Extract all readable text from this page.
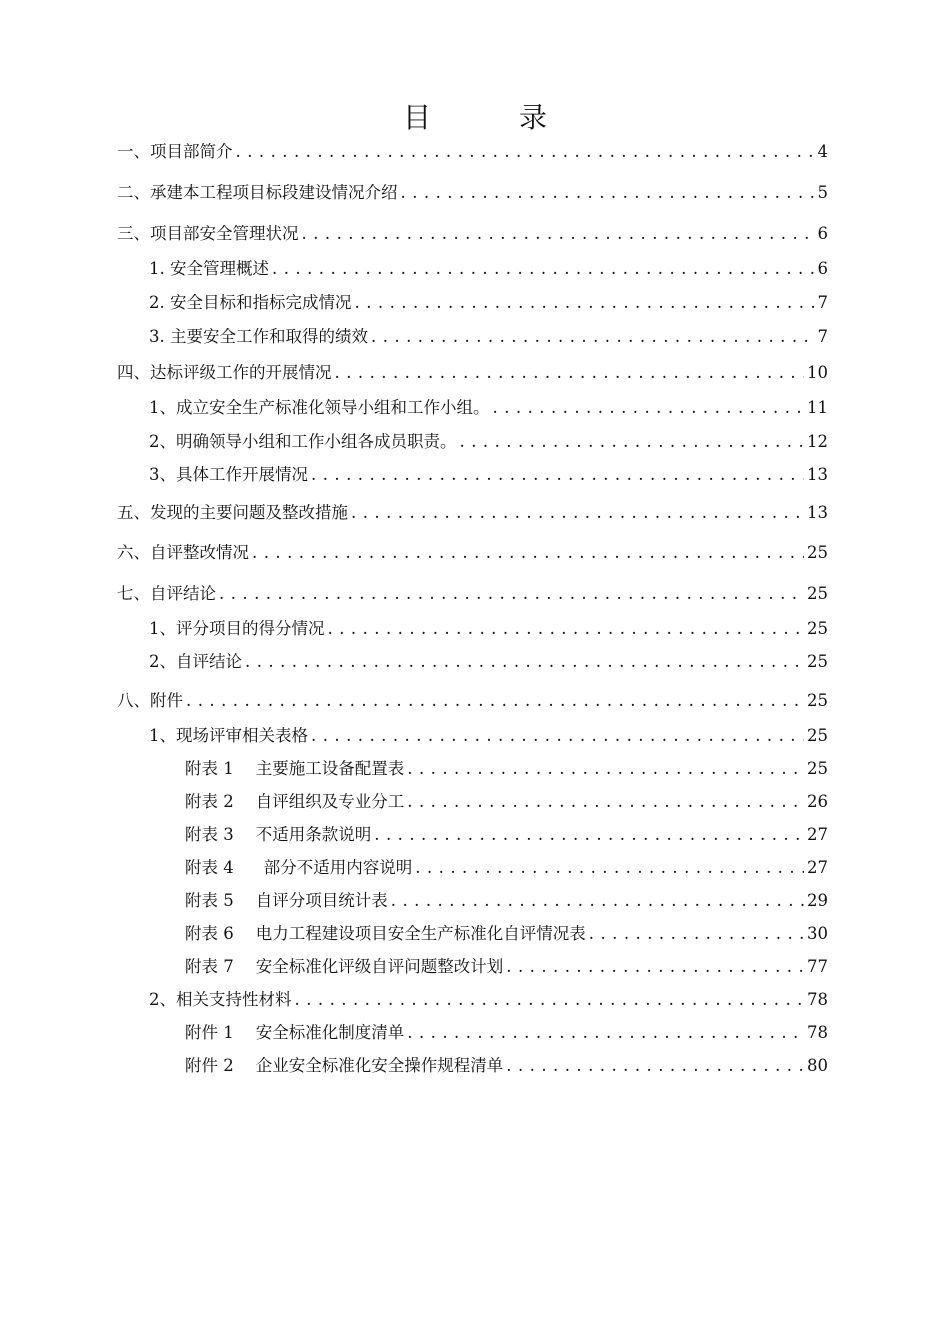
目　录
一、项目部简介 . . .	4
二、承建本工程项目标段建设情况介绍 . . .	5
三、项目部安全管理状况 . . .	6
1. 安全管理概述 . . .	6
2. 安全目标和指标完成情况 . . .	7
3. 主要安全工作和取得的绩效 . . .	7
四、达标评级工作的开展情况 . . .	10
1、成立安全生产标准化领导小组和工作小组。 . . .	11
2、明确领导小组和工作小组各成员职责。 . . .	12
3、具体工作开展情况 . . .	13
五、发现的主要问题及整改措施 . . .	13
六、自评整改情况 . . .	25
七、自评结论 . . .	25
1、评分项目的得分情况 . . .	25
2、自评结论 . . .	25
八、附件 . . .	25
1、现场评审相关表格 . . .	25
附表 1 主要施工设备配置表 . . .	25
附表 2 自评组织及专业分工 . . .	26
附表 3 不适用条款说明 . . .	27
附表 4 部分不适用内容说明 . . .	27
附表 5 自评分项目统计表 . . .	29
附表 6 电力工程建设项目安全生产标准化自评情况表 . . .	30
附表 7 安全标准化评级自评问题整改计划 . . .	77
2、相关支持性材料 . . .	78
附件 1 安全标准化制度清单 . . .	78
附件 2 企业安全标准化安全操作规程清单 . . .	80
